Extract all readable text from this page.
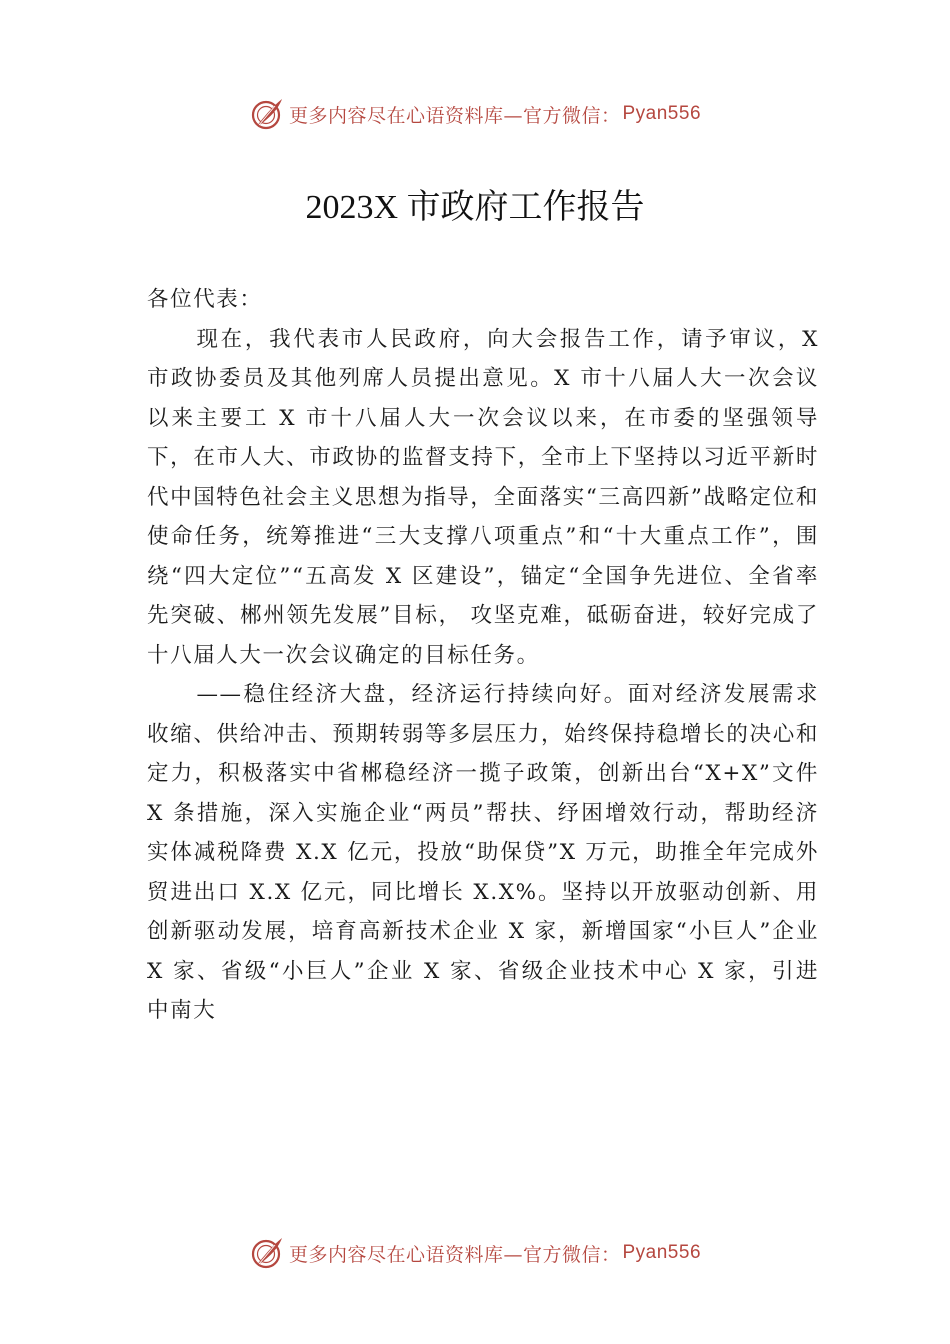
更多内容尽在心语资料库—官方微信： Pyan556
2023X 市政府工作报告

各位代表：

现在，我代表市人民政府，向大会报告工作，请予审议，X 市政协委员及其他列席人员提出意见。X 市十八届人大一次会议以来主要工 X 市十八届人大一次会议以来，在市委的坚强领导下，在市人大、市政协的监督支持下，全市上下坚持以习近平新时代中国特色社会主义思想为指导，全面落实“三高四新”战略定位和使命任务，统筹推进“三大支撑八项重点”和“十大重点工作”，围绕“四大定位”“五高发 X 区建设”，锚定“全国争先进位、全省率先突破、郴州领先发展”目标， 攻坚克难，砥砺奋进，较好完成了十八届人大一次会议确定的目标任务。

——稳住经济大盘，经济运行持续向好。面对经济发展需求收缩、供给冲击、预期转弱等多层压力，始终保持稳增长的决心和定力，积极落实中省郴稳经济一揽子政策，创新出台“X+X”文件 X 条措施，深入实施企业“两员”帮扶、纾困增效行动，帮助经济实体减税降费 X.X 亿元，投放“助保贷”X 万元，助推全年完成外贸进出口 X.X 亿元，同比增长 X.X%。坚持以开放驱动创新、用创新驱动发展，培育高新技术企业 X 家，新增国家“小巨人”企业 X 家、省级“小巨人”企业 X 家、省级企业技术中心 X 家，引进中南大

更多内容尽在心语资料库—官方微信： Pyan556
